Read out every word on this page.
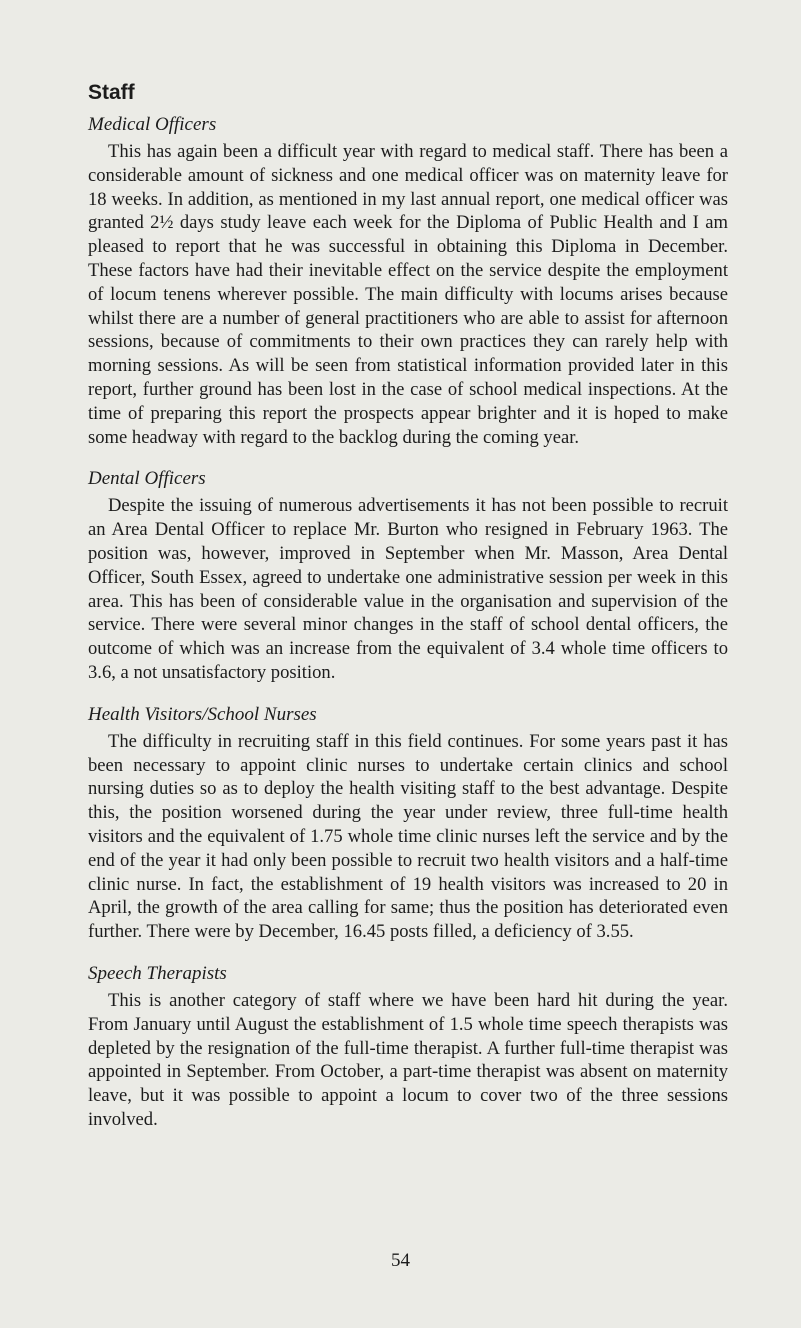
Staff
Medical Officers

This has again been a difficult year with regard to medical staff. There has been a considerable amount of sickness and one medical officer was on maternity leave for 18 weeks. In addition, as mentioned in my last annual report, one medical officer was granted 2½ days study leave each week for the Diploma of Public Health and I am pleased to report that he was successful in obtaining this Diploma in December. These factors have had their inevitable effect on the service despite the employment of locum tenens wherever possible. The main difficulty with locums arises because whilst there are a number of general practitioners who are able to assist for afternoon sessions, because of commitments to their own practices they can rarely help with morning sessions. As will be seen from statistical information provided later in this report, further ground has been lost in the case of school medical inspections. At the time of preparing this report the prospects appear brighter and it is hoped to make some headway with regard to the backlog during the coming year.

Dental Officers

Despite the issuing of numerous advertisements it has not been possible to recruit an Area Dental Officer to replace Mr. Burton who resigned in February 1963. The position was, however, improved in September when Mr. Masson, Area Dental Officer, South Essex, agreed to undertake one administrative session per week in this area. This has been of considerable value in the organisation and supervision of the service. There were several minor changes in the staff of school dental officers, the outcome of which was an increase from the equivalent of 3.4 whole time officers to 3.6, a not unsatisfactory position.

Health Visitors/School Nurses

The difficulty in recruiting staff in this field continues. For some years past it has been necessary to appoint clinic nurses to undertake certain clinics and school nursing duties so as to deploy the health visiting staff to the best advantage. Despite this, the position worsened during the year under review, three full-time health visitors and the equivalent of 1.75 whole time clinic nurses left the service and by the end of the year it had only been possible to recruit two health visitors and a half-time clinic nurse. In fact, the establishment of 19 health visitors was increased to 20 in April, the growth of the area calling for same; thus the position has deteriorated even further. There were by December, 16.45 posts filled, a deficiency of 3.55.

Speech Therapists

This is another category of staff where we have been hard hit during the year. From January until August the establishment of 1.5 whole time speech therapists was depleted by the resignation of the full-time therapist. A further full-time therapist was appointed in September. From October, a part-time therapist was absent on maternity leave, but it was possible to appoint a locum to cover two of the three sessions involved.

54
